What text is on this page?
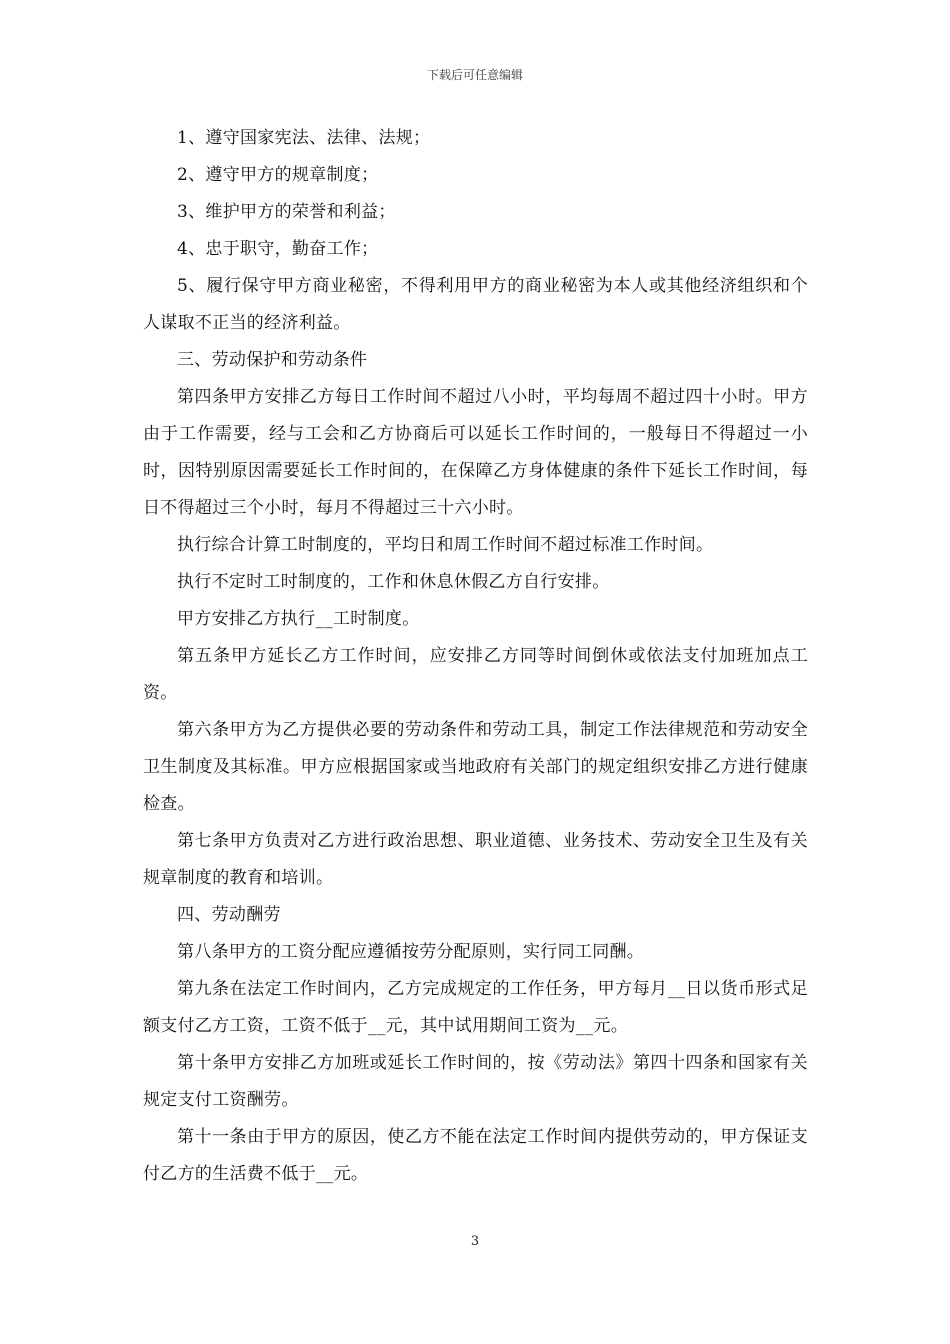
下载后可任意编辑

1、遵守国家宪法、法律、法规；

2、遵守甲方的规章制度；

3、维护甲方的荣誉和利益；

4、忠于职守，勤奋工作；

5、履行保守甲方商业秘密，不得利用甲方的商业秘密为本人或其他经济组织和个人谋取不正当的经济利益。

三、劳动保护和劳动条件

第四条甲方安排乙方每日工作时间不超过八小时，平均每周不超过四十小时。甲方由于工作需要，经与工会和乙方协商后可以延长工作时间的，一般每日不得超过一小时，因特别原因需要延长工作时间的，在保障乙方身体健康的条件下延长工作时间，每日不得超过三个小时，每月不得超过三十六小时。

执行综合计算工时制度的，平均日和周工作时间不超过标准工作时间。

执行不定时工时制度的，工作和休息休假乙方自行安排。

甲方安排乙方执行__工时制度。

第五条甲方延长乙方工作时间，应安排乙方同等时间倒休或依法支付加班加点工资。

第六条甲方为乙方提供必要的劳动条件和劳动工具，制定工作法律规范和劳动安全卫生制度及其标准。甲方应根据国家或当地政府有关部门的规定组织安排乙方进行健康检查。

第七条甲方负责对乙方进行政治思想、职业道德、业务技术、劳动安全卫生及有关规章制度的教育和培训。

四、劳动酬劳

第八条甲方的工资分配应遵循按劳分配原则，实行同工同酬。

第九条在法定工作时间内，乙方完成规定的工作任务，甲方每月__日以货币形式足额支付乙方工资，工资不低于__元，其中试用期间工资为__元。

第十条甲方安排乙方加班或延长工作时间的，按《劳动法》第四十四条和国家有关规定支付工资酬劳。

第十一条由于甲方的原因，使乙方不能在法定工作时间内提供劳动的，甲方保证支付乙方的生活费不低于__元。

3
